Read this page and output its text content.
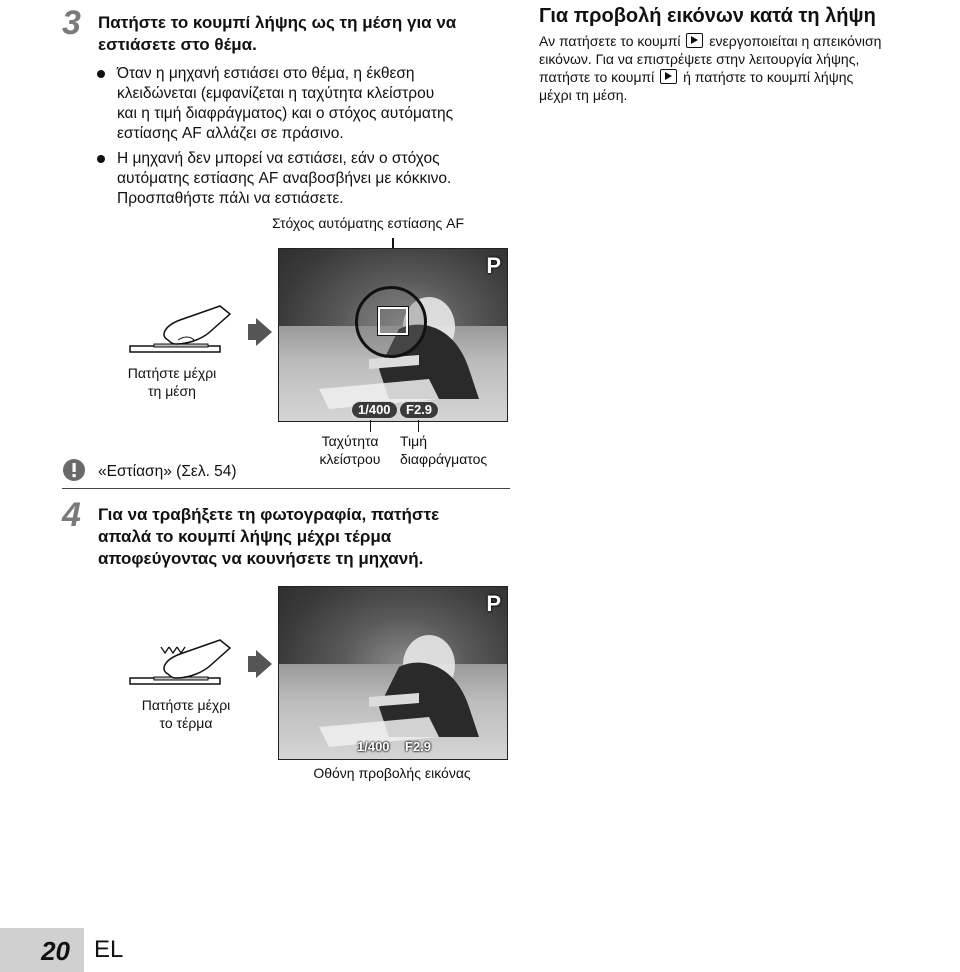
3 Πατήστε το κουμπί λήψης ως τη μέση για να
εστιάσετε στο θέμα.
Όταν η μηχανή εστιάσει στο θέμα, η έκθεση
κλειδώνεται (εμφανίζεται η ταχύτητα κλείστρου
και η τιμή διαφράγματος) και ο στόχος αυτόματης
εστίασης AF αλλάζει σε πράσινο.
Η μηχανή δεν μπορεί να εστιάσει, εάν ο στόχος
αυτόματης εστίασης AF αναβοσβήνει με κόκκινο.
Προσπαθήστε πάλι να εστιάσετε.
Στόχος αυτόματης εστίασης AF
Πατήστε μέχρι
τη μέση
P
1/400	F2.9
Ταχύτητα
κλείστρου
Τιμή
διαφράγματος
«Εστίαση» (Σελ. 54)
4 Για να τραβήξετε τη φωτογραφία, πατήστε
απαλά το κουμπί λήψης μέχρι τέρμα
αποφεύγοντας να κουνήσετε τη μηχανή.
Πατήστε μέχρι
το τέρμα
P
1/400	F2.9
Οθόνη προβολής εικόνας
Για προβολή εικόνων κατά τη λήψη
Αν πατήσετε το κουμπί ενεργοποιείται η απεικόνιση
εικόνων. Για να επιστρέψετε στην λειτουργία λήψης,
πατήστε το κουμπί ή πατήστε το κουμπί λήψης
μέχρι τη μέση.
20 EL
